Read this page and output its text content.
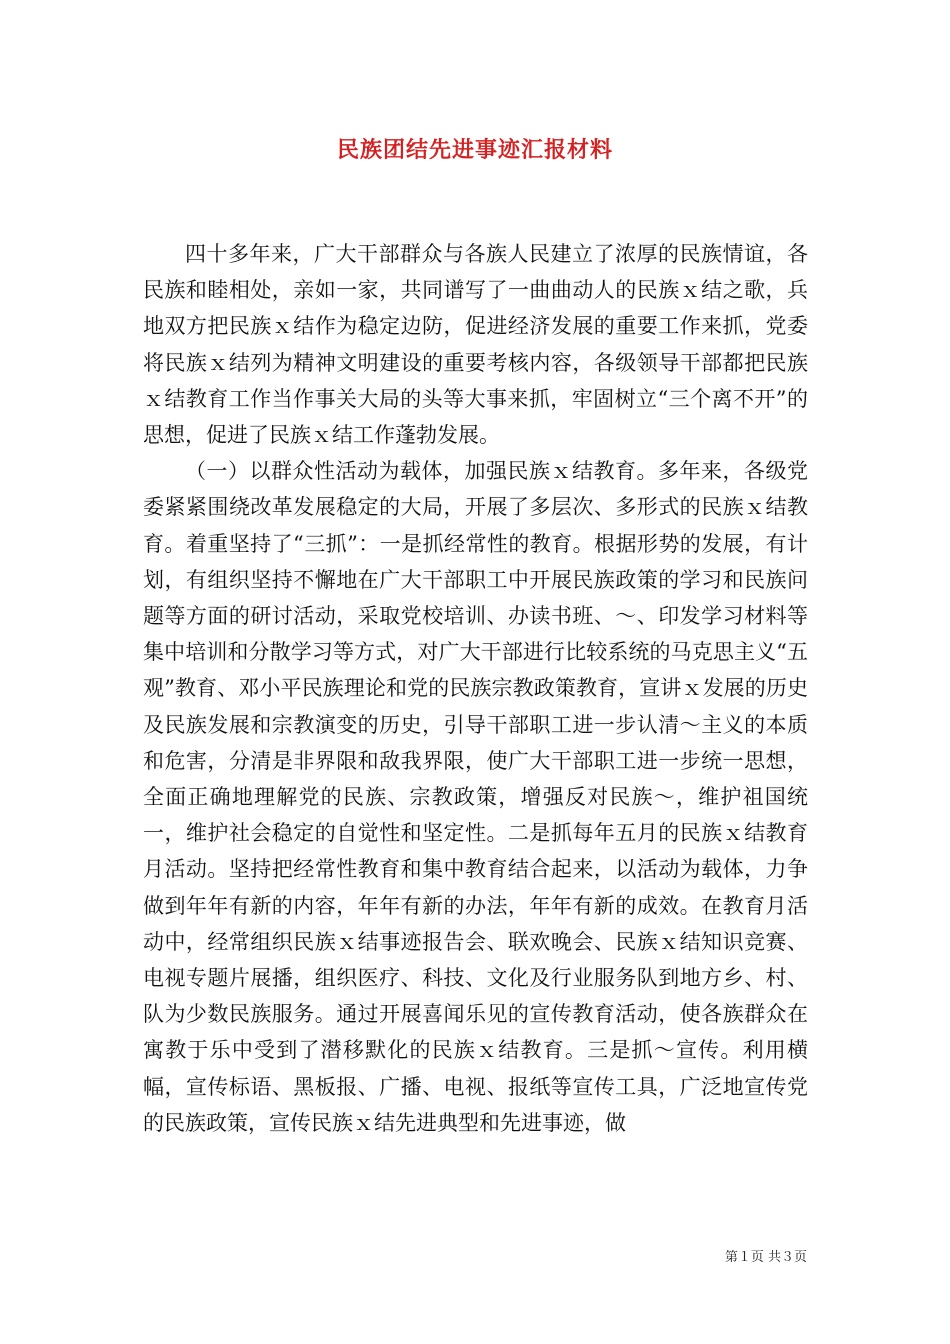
民族团结先进事迹汇报材料

四十多年来，广大干部群众与各族人民建立了浓厚的民族情谊，各民族和睦相处，亲如一家，共同谱写了一曲曲动人的民族ｘ结之歌，兵地双方把民族ｘ结作为稳定边防，促进经济发展的重要工作来抓，党委将民族ｘ结列为精神文明建设的重要考核内容，各级领导干部都把民族ｘ结教育工作当作事关大局的头等大事来抓，牢固树立“三个离不开”的思想，促进了民族ｘ结工作蓬勃发展。

（一）以群众性活动为载体，加强民族ｘ结教育。多年来，各级党委紧紧围绕改革发展稳定的大局，开展了多层次、多形式的民族ｘ结教育。着重坚持了“三抓”：一是抓经常性的教育。根据形势的发展，有计划，有组织坚持不懈地在广大干部职工中开展民族政策的学习和民族问题等方面的研讨活动，采取党校培训、办读书班、～、印发学习材料等集中培训和分散学习等方式，对广大干部进行比较系统的马克思主义“五观”教育、邓小平民族理论和党的民族宗教政策教育，宣讲ｘ发展的历史及民族发展和宗教演变的历史，引导干部职工进一步认清～主义的本质和危害，分清是非界限和敌我界限，使广大干部职工进一步统一思想，全面正确地理解党的民族、宗教政策，增强反对民族～，维护祖国统一，维护社会稳定的自觉性和坚定性。二是抓每年五月的民族ｘ结教育月活动。坚持把经常性教育和集中教育结合起来，以活动为载体，力争做到年年有新的内容，年年有新的办法，年年有新的成效。在教育月活动中，经常组织民族ｘ结事迹报告会、联欢晚会、民族ｘ结知识竞赛、电视专题片展播，组织医疗、科技、文化及行业服务队到地方乡、村、队为少数民族服务。通过开展喜闻乐见的宣传教育活动，使各族群众在寓教于乐中受到了潜移默化的民族ｘ结教育。三是抓～宣传。利用横幅，宣传标语、黑板报、广播、电视、报纸等宣传工具，广泛地宣传党的民族政策，宣传民族ｘ结先进典型和先进事迹，做

第１页 共３页
